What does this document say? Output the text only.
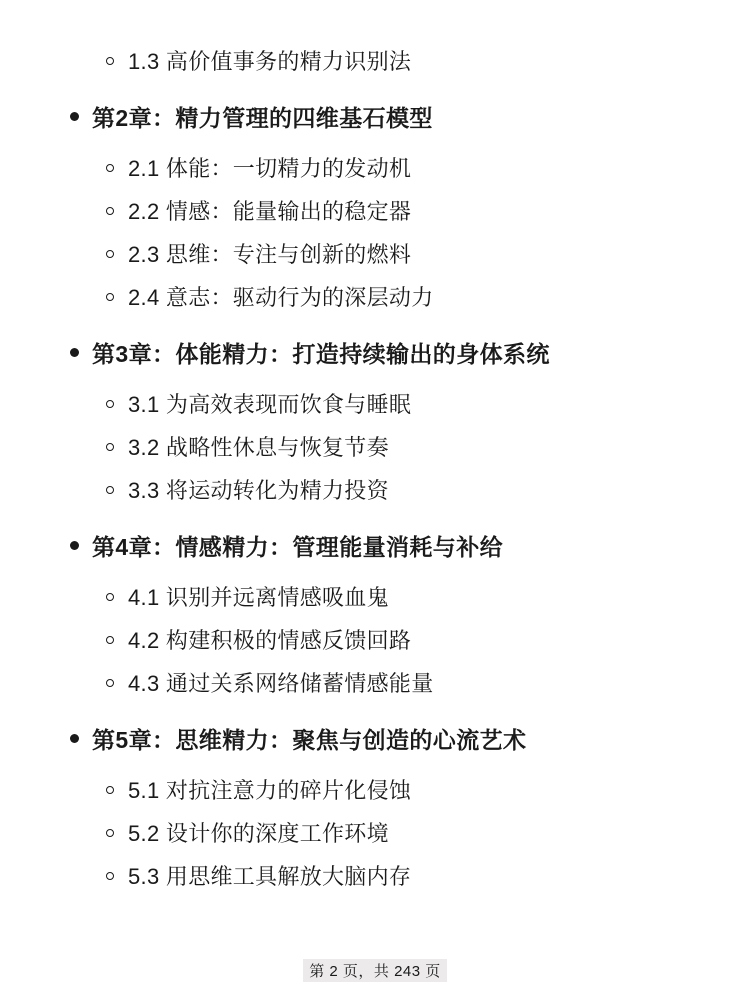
1.3 高价值事务的精力识别法
第2章：精力管理的四维基石模型
2.1 体能：一切精力的发动机
2.2 情感：能量输出的稳定器
2.3 思维：专注与创新的燃料
2.4 意志：驱动行为的深层动力
第3章：体能精力：打造持续输出的身体系统
3.1 为高效表现而饮食与睡眠
3.2 战略性休息与恢复节奏
3.3 将运动转化为精力投资
第4章：情感精力：管理能量消耗与补给
4.1 识别并远离情感吸血鬼
4.2 构建积极的情感反馈回路
4.3 通过关系网络储蓄情感能量
第5章：思维精力：聚焦与创造的心流艺术
5.1 对抗注意力的碎片化侵蚀
5.2 设计你的深度工作环境
5.3 用思维工具解放大脑内存
第 2 页，共 243 页
